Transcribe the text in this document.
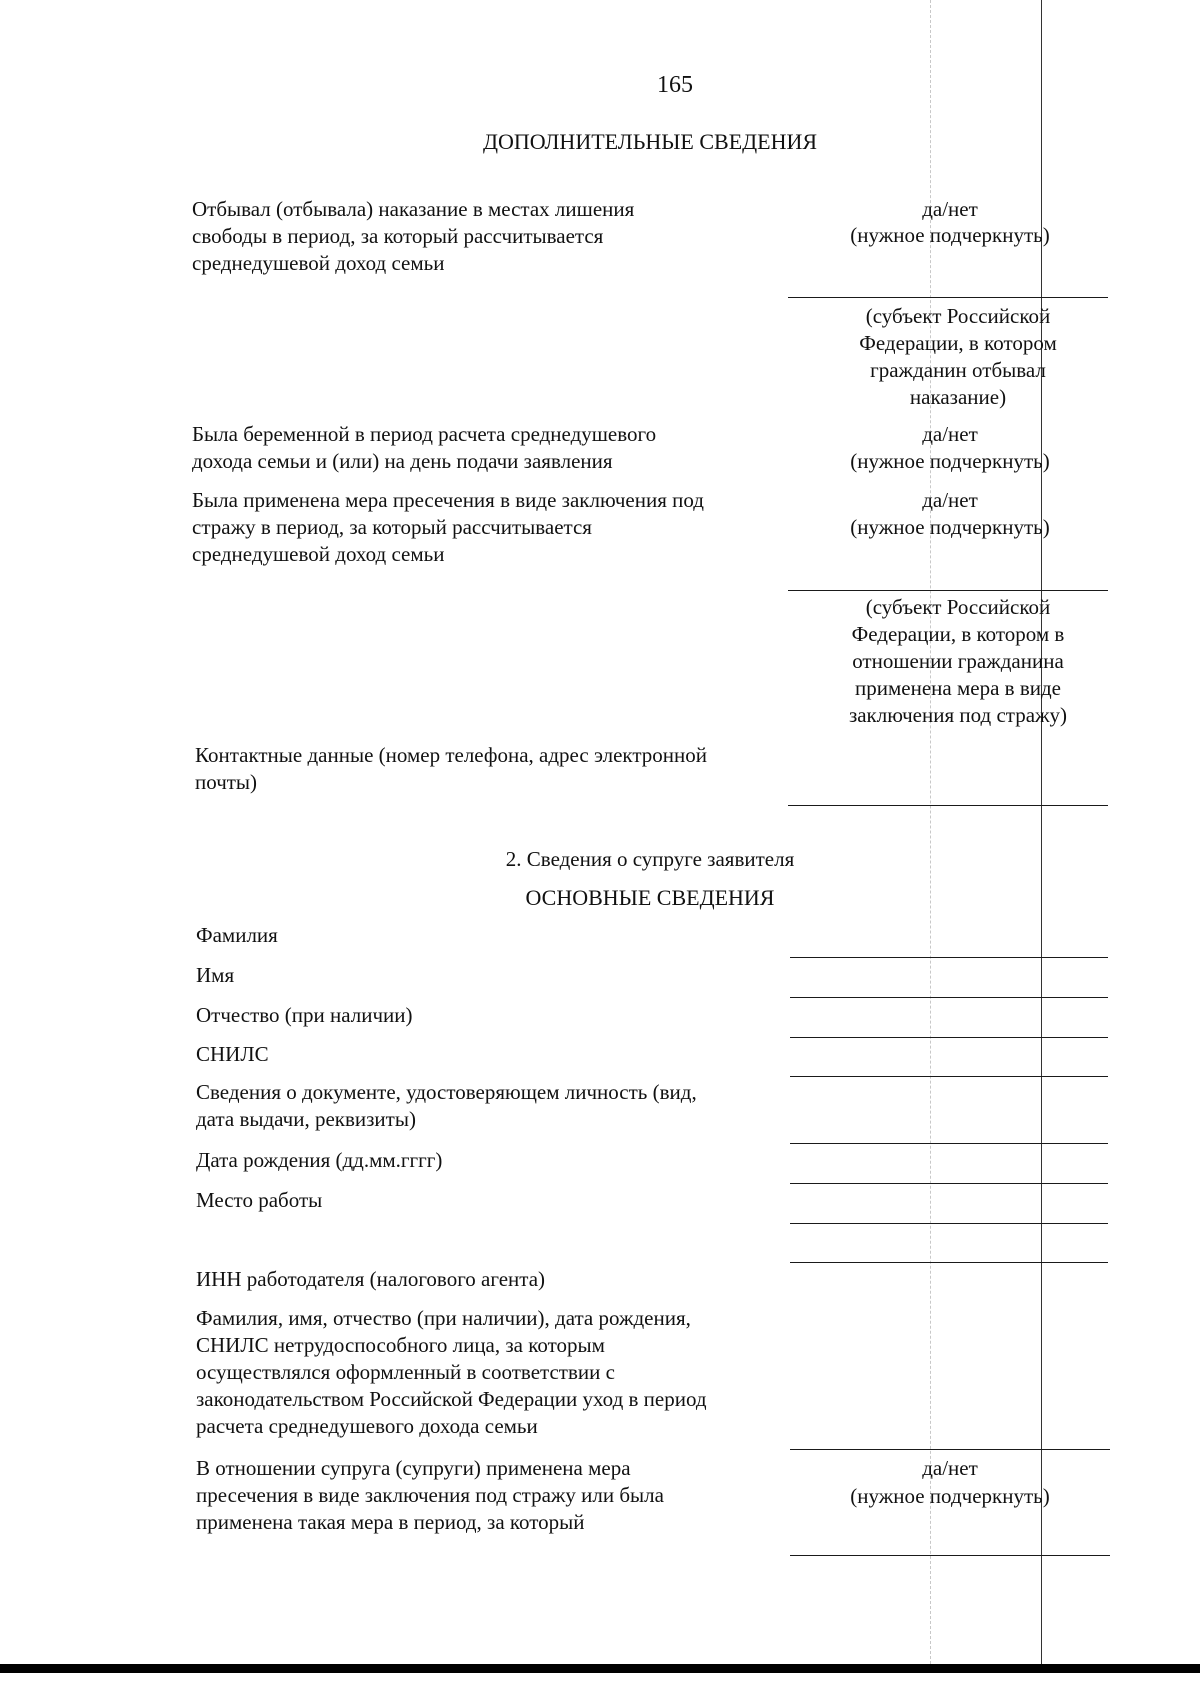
165
ДОПОЛНИТЕЛЬНЫЕ СВЕДЕНИЯ
Отбывал (отбывала) наказание в местах лишения
свободы в период, за который рассчитывается
среднедушевой доход семьи
да/нет
(нужное подчеркнуть)
(субъект Российской
Федерации, в котором
гражданин отбывал
наказание)
Была беременной в период расчета среднедушевого
дохода семьи и (или) на день подачи заявления
да/нет
(нужное подчеркнуть)
Была применена мера пресечения в виде заключения под
стражу в период, за который рассчитывается
среднедушевой доход семьи
да/нет
(нужное подчеркнуть)
(субъект Российской
Федерации, в котором в
отношении гражданина
применена мера в виде
заключения под стражу)
Контактные данные (номер телефона, адрес электронной
почты)
2. Сведения о супруге заявителя
ОСНОВНЫЕ СВЕДЕНИЯ
Фамилия
Имя
Отчество (при наличии)
СНИЛС
Сведения о документе, удостоверяющем личность (вид,
дата выдачи, реквизиты)
Дата рождения (дд.мм.гггг)
Место работы
ИНН работодателя (налогового агента)
Фамилия, имя, отчество (при наличии), дата рождения,
СНИЛС нетрудоспособного лица, за которым
осуществлялся оформленный в соответствии с
законодательством Российской Федерации уход в период
расчета среднедушевого дохода семьи
В отношении супруга (супруги) применена мера
пресечения в виде заключения под стражу или была
применена такая мера в период, за который
да/нет
(нужное подчеркнуть)
